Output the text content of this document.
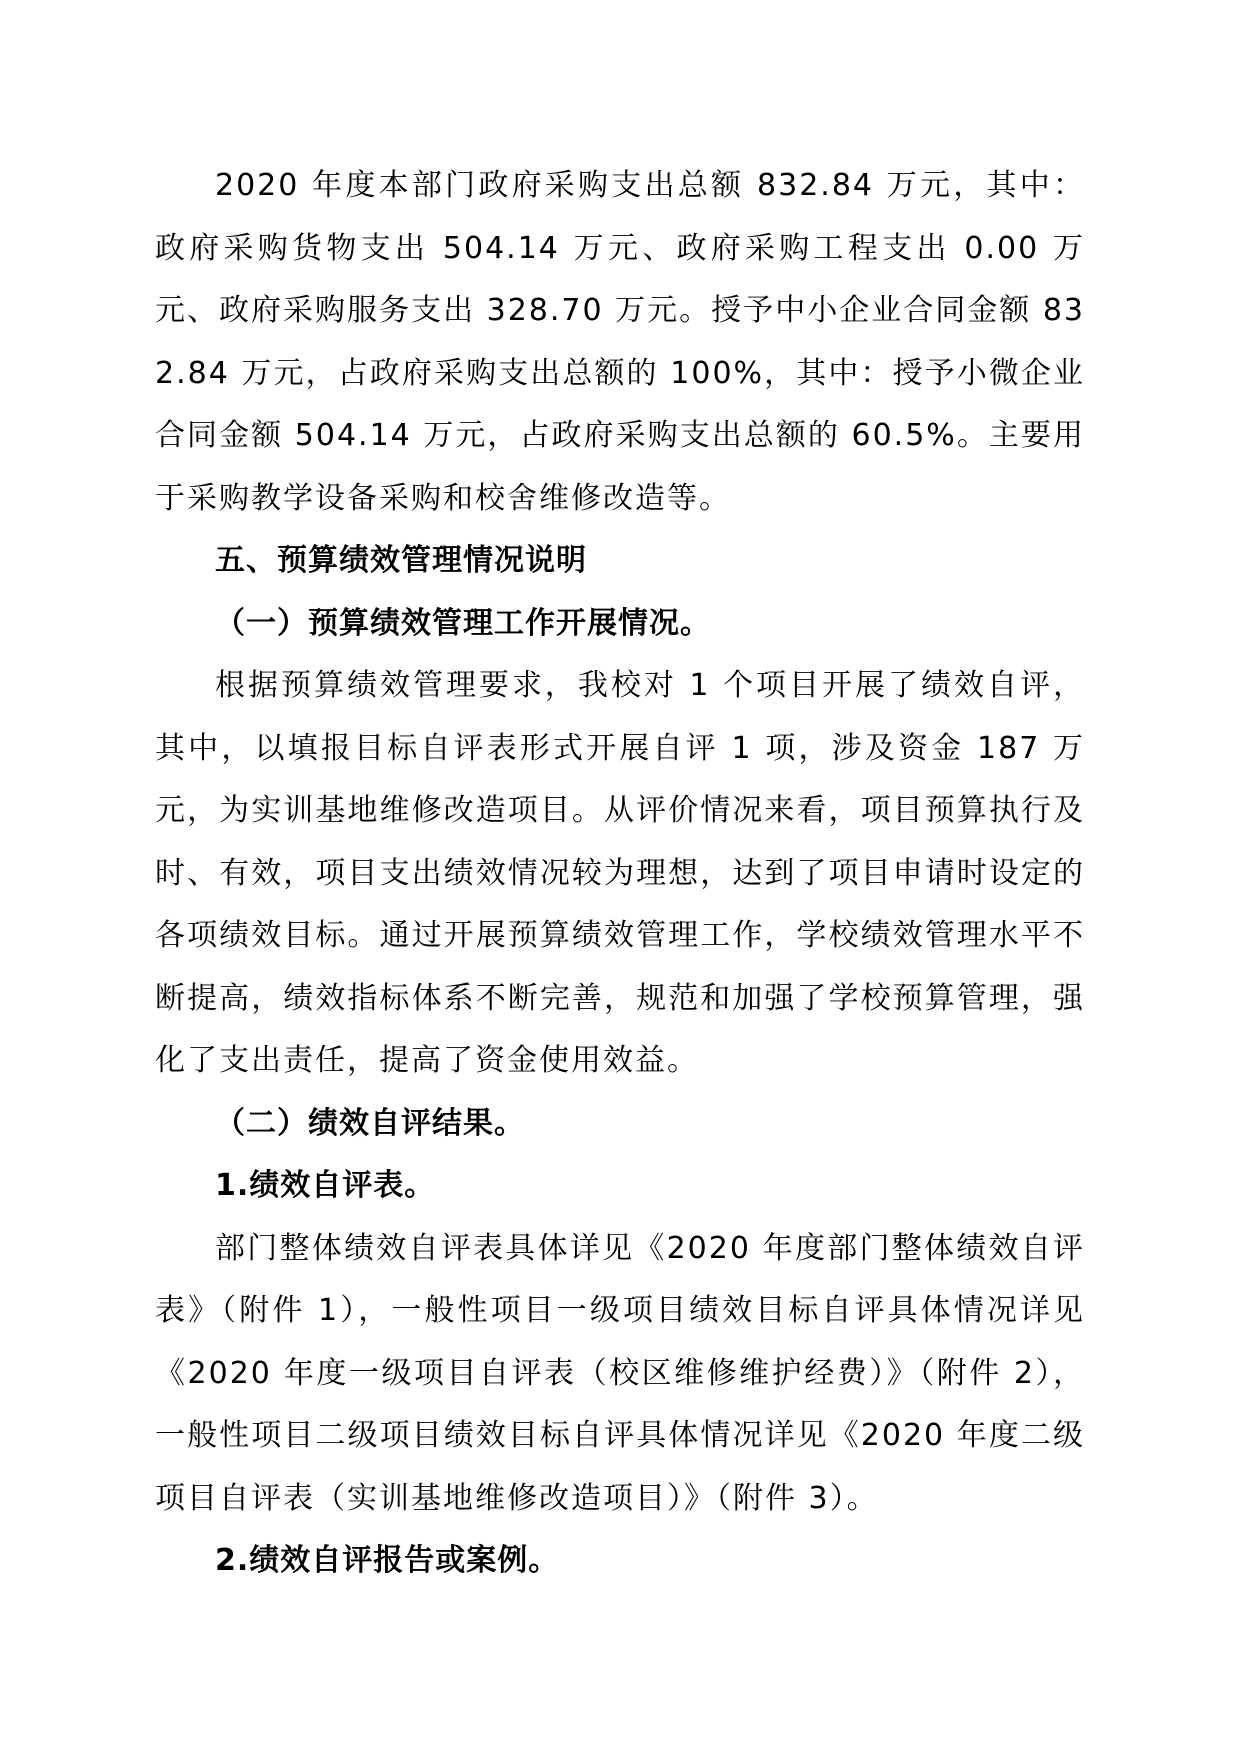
2020 年度本部门政府采购支出总额 832.84 万元，其中：政府采购货物支出 504.14 万元、政府采购工程支出 0.00 万元、政府采购服务支出 328.70 万元。授予中小企业合同金额 832.84 万元，占政府采购支出总额的 100%，其中：授予小微企业合同金额 504.14 万元，占政府采购支出总额的 60.5%。主要用于采购教学设备采购和校舍维修改造等。

五、预算绩效管理情况说明

（一）预算绩效管理工作开展情况。

根据预算绩效管理要求，我校对 1 个项目开展了绩效自评，其中，以填报目标自评表形式开展自评 1 项，涉及资金 187 万元，为实训基地维修改造项目。从评价情况来看，项目预算执行及时、有效，项目支出绩效情况较为理想，达到了项目申请时设定的各项绩效目标。通过开展预算绩效管理工作，学校绩效管理水平不断提高，绩效指标体系不断完善，规范和加强了学校预算管理，强化了支出责任，提高了资金使用效益。

（二）绩效自评结果。

1.绩效自评表。

部门整体绩效自评表具体详见《2020 年度部门整体绩效自评表》（附件 1），一般性项目一级项目绩效目标自评具体情况详见《2020 年度一级项目自评表（校区维修维护经费）》（附件 2），一般性项目二级项目绩效目标自评具体情况详见《2020 年度二级项目自评表（实训基地维修改造项目）》（附件 3）。

2.绩效自评报告或案例。
